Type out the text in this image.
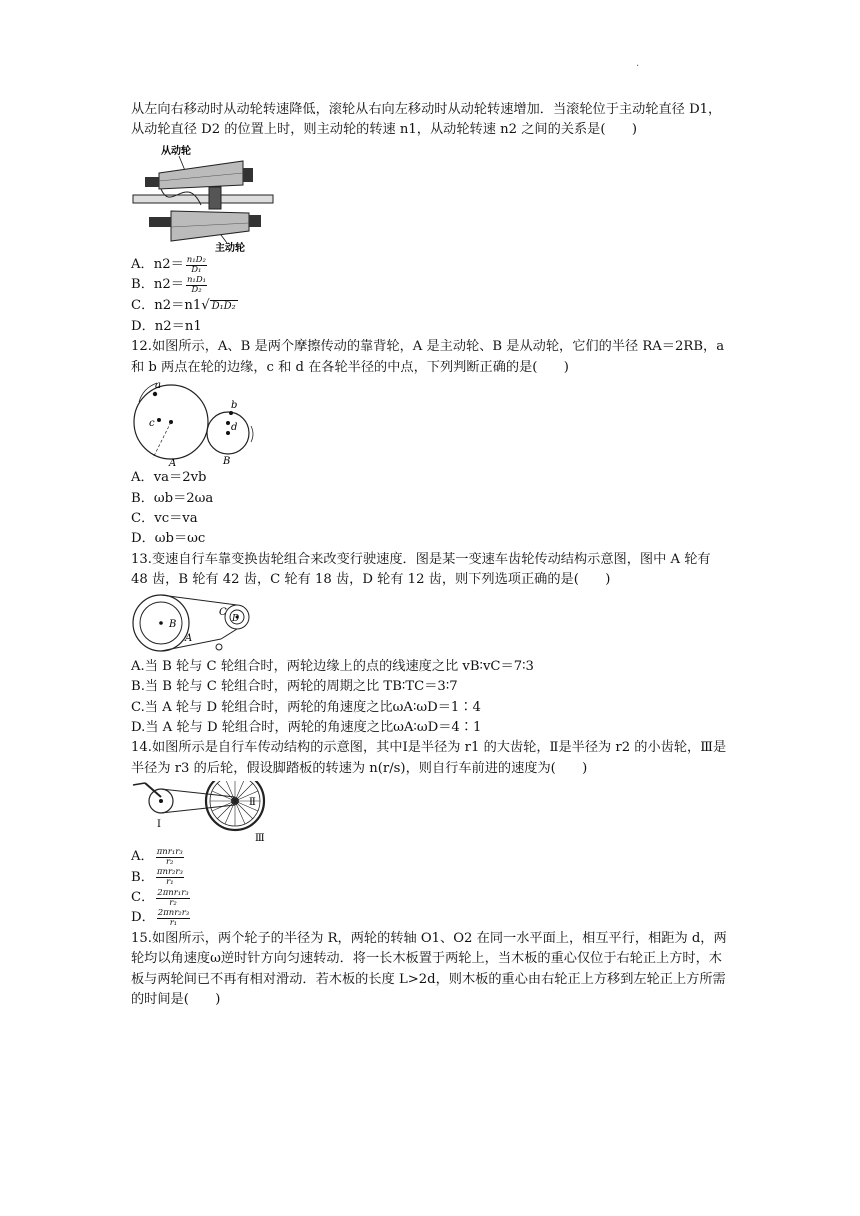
.

从左向右移动时从动轮转速降低，滚轮从右向左移动时从动轮转速增加．当滚轮位于主动轮直径 D1，从动轮直径 D2 的位置上时，则主动轮的转速 n1，从动轮转速 n2 之间的关系是(　　)

从动轮
主动轮
A．$n2= \frac{\text{n₁D₂}}{\text{D₁}}$
B．$n2= \frac{\text{n₁D₁}}{\text{D₂}}$
C．n2＝n1 √ D₁D₂
D．n2＝n1

12.如图所示，A、B 是两个摩擦传动的靠背轮，A 是主动轮、B 是从动轮，它们的半径 RA＝2RB，a 和 b 两点在轮的边缘，c 和 d 在各轮半径的中点，下列判断正确的是(　　)

a
c
b
d
A	B

A．va＝2vb

B．ωb＝2ωa

C．vc＝va

D．ωb＝ωc

13.变速自行车靠变换齿轮组合来改变行驶速度．图是某一变速车齿轮传动结构示意图，图中 A 轮有 48 齿，B 轮有 42 齿，C 轮有 18 齿，D 轮有 12 齿，则下列选项正确的是(　　)

B
A
C
D

A.当 B 轮与 C 轮组合时，两轮边缘上的点的线速度之比 vB∶vC＝7∶3

B.当 B 轮与 C 轮组合时，两轮的周期之比 TB∶TC＝3∶7

C.当 A 轮与 D 轮组合时，两轮的角速度之比ωA∶ωD＝1∶4

D.当 A 轮与 D 轮组合时，两轮的角速度之比ωA∶ωD＝4∶1

14.如图所示是自行车传动结构的示意图，其中Ⅰ是半径为 r1 的大齿轮，Ⅱ是半径为 r2 的小齿轮，Ⅲ是半径为 r3 的后轮，假设脚踏板的转速为 n(r/s)，则自行车前进的速度为(　　)

Ⅰ
Ⅱ
Ⅲ
A． $\frac{\text{πnr₁r₃}}{\text{r₂}}$
B． $\frac{\text{πnr₂r₃}}{\text{r₁}}$
C． $\frac{\text{2πnr₁r₃}}{\text{r₂}}$
D． $\frac{\text{2πnr₂r₃}}{\text{r₁}}$

15.如图所示，两个轮子的半径为 R，两轮的转轴 O1、O2 在同一水平面上，相互平行，相距为 d，两轮均以角速度ω逆时针方向匀速转动．将一长木板置于两轮上，当木板的重心仅位于右轮正上方时，木板与两轮间已不再有相对滑动．若木板的长度 L>2d，则木板的重心由右轮正上方移到左轮正上方所需的时间是(　　)
